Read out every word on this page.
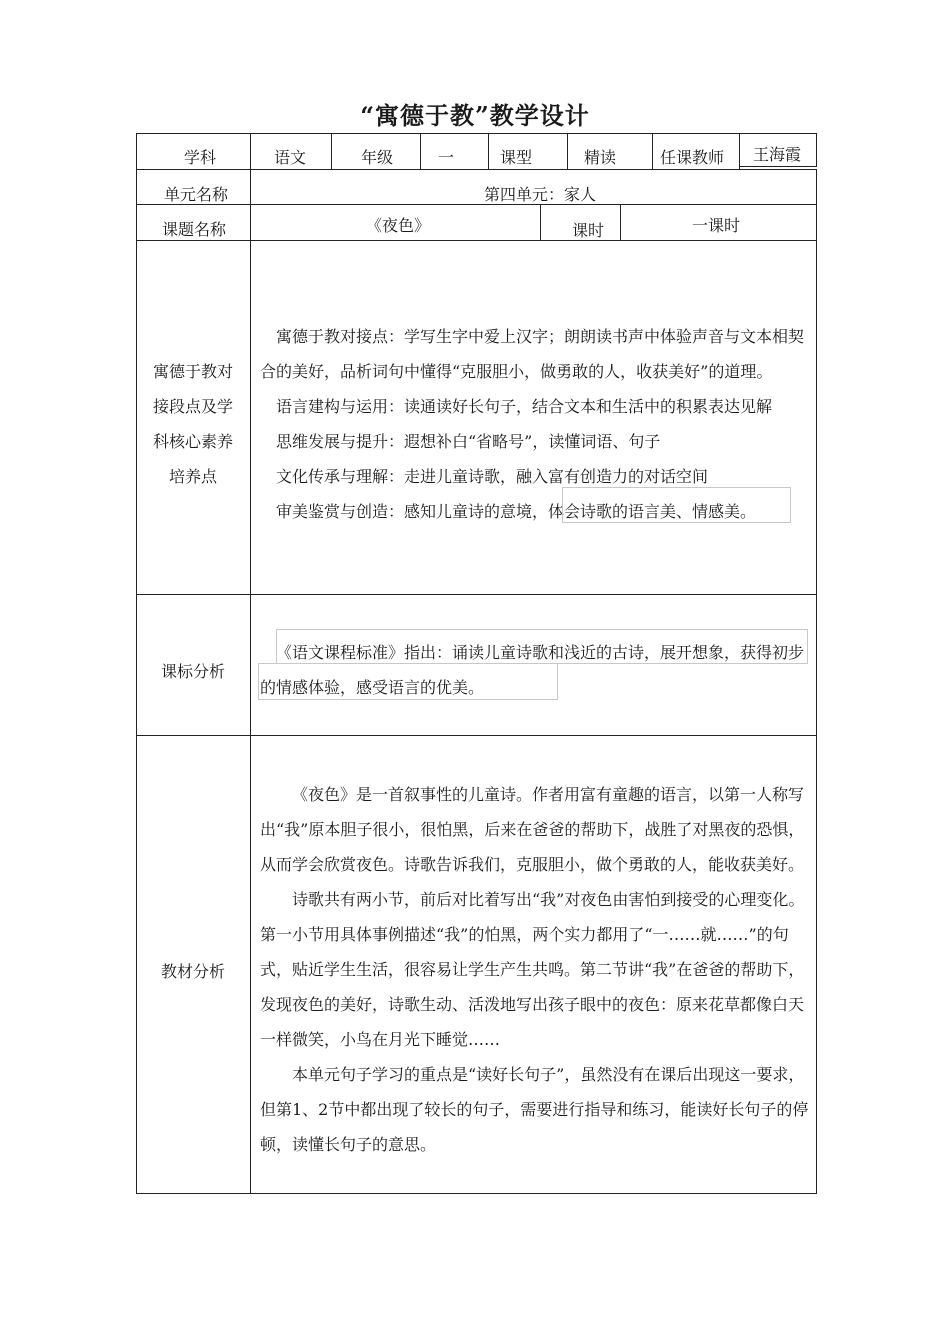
“寓德于教”教学设计
学科	语文	年级	一	课型	精读	任课教师 王海霞
单元名称	第四单元：家人
课题名称	《夜色》	课时	一课时
寓德于教对
接段点及学
科核心素养
培养点

寓德于教对接点：学写生字中爱上汉字；朗朗读书声中体验声音与文本相契合的美好，品析词句中懂得“克服胆小，做勇敢的人，收获美好”的道理。

语言建构与运用：读通读好长句子，结合文本和生活中的积累表达见解

思维发展与提升：遐想补白“省略号”，读懂词语、句子

文化传承与理解：走进儿童诗歌，融入富有创造力的对话空间

审美鉴赏与创造：感知儿童诗的意境，体会诗歌的语言美、情感美。

课标分析
《语文课程标准》指出：诵读儿童诗歌和浅近的古诗，展开想象，获得初步的情感体验，感受语言的优美。
教材分析

《夜色》是一首叙事性的儿童诗。作者用富有童趣的语言，以第一人称写出“我”原本胆子很小，很怕黑，后来在爸爸的帮助下，战胜了对黑夜的恐惧，从而学会欣赏夜色。诗歌告诉我们，克服胆小，做个勇敢的人，能收获美好。

诗歌共有两小节，前后对比着写出“我”对夜色由害怕到接受的心理变化。第一小节用具体事例描述“我”的怕黑，两个实力都用了“一……就……”的句式，贴近学生生活，很容易让学生产生共鸣。第二节讲“我”在爸爸的帮助下，发现夜色的美好，诗歌生动、活泼地写出孩子眼中的夜色：原来花草都像白天一样微笑，小鸟在月光下睡觉……

本单元句子学习的重点是“读好长句子”，虽然没有在课后出现这一要求，但第1、2节中都出现了较长的句子，需要进行指导和练习，能读好长句子的停顿，读懂长句子的意思。
